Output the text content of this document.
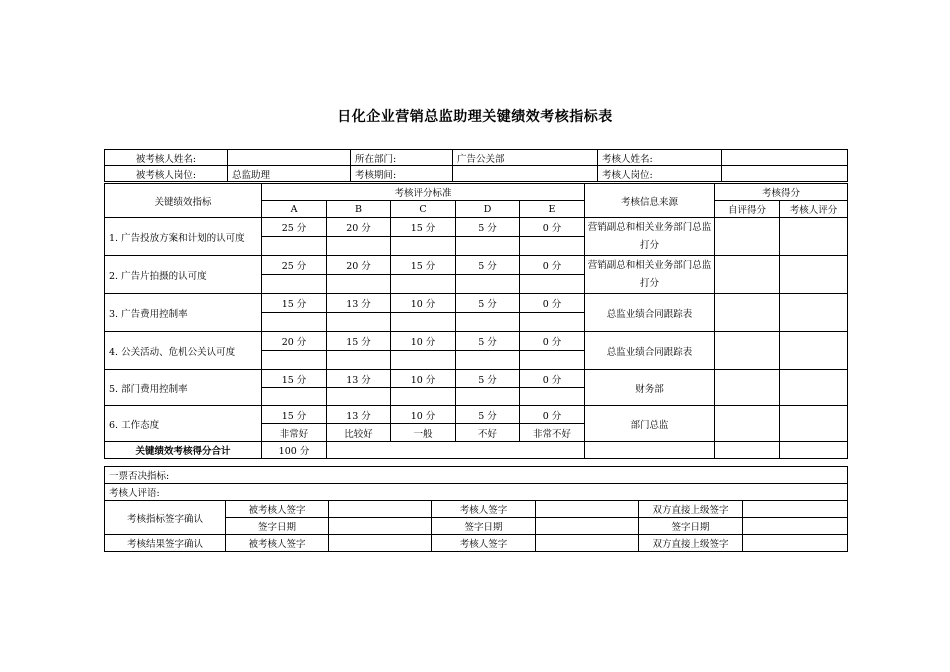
日化企业营销总监助理关键绩效考核指标表
被考核人姓名:		所在部门:	广告公关部	考核人姓名:	
被考核人岗位:	总监助理	考核期间:		考核人岗位:	
关键绩效指标	考核评分标准					考核信息来源	考核得分	
	A	B	C	D	E		自评得分	考核人评分
1. 广告投放方案和计划的认可度	25 分	20 分	15 分	5 分	0 分	营销副总和相关业务部门总监打分		

2. 广告片拍摄的认可度	25 分	20 分	15 分	5 分	0 分	营销副总和相关业务部门总监打分		

3. 广告费用控制率	15 分	13 分	10 分	5 分	0 分	总监业绩合同跟踪表		

4. 公关活动、危机公关认可度	20 分	15 分	10 分	5 分	0 分	总监业绩合同跟踪表		

5. 部门费用控制率	15 分	13 分	10 分	5 分	0 分	财务部		

6. 工作态度	15 分	13 分	10 分	5 分	0 分	部门总监		
	非常好	比较好	一般	不好	非常不好			
关键绩效考核得分合计	100 分							
一票否决指标:						
考核人评语:						
考核指标签字确认	被考核人签字		考核人签字		双方直接上级签字	
	签字日期		签字日期		签字日期	
考核结果签字确认	被考核人签字		考核人签字		双方直接上级签字	
